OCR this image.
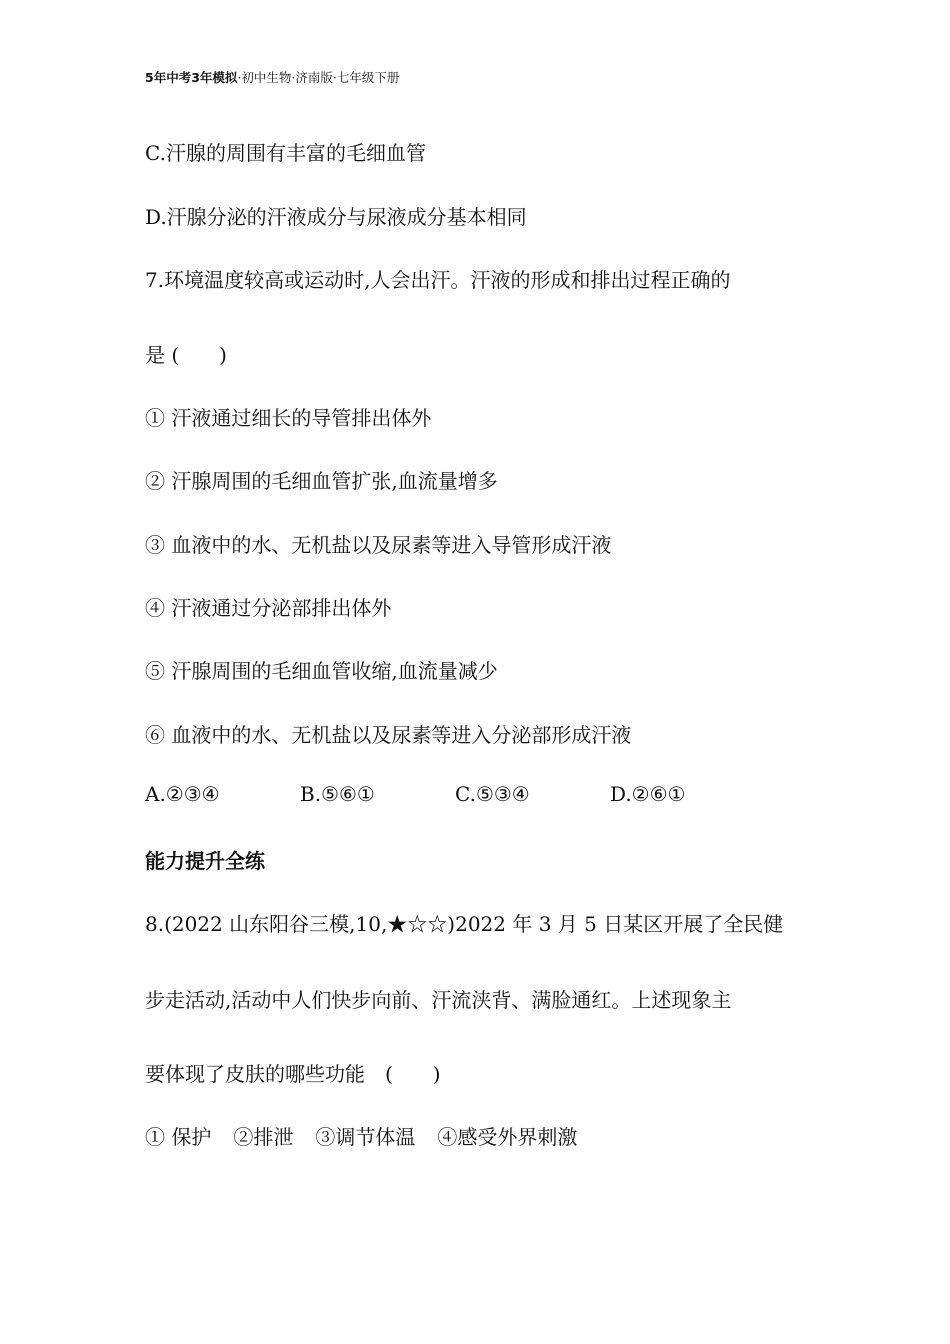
5年中考3年模拟·初中生物·济南版·七年级下册
C.汗腺的周围有丰富的毛细血管
D.汗腺分泌的汗液成分与尿液成分基本相同
7.环境温度较高或运动时,人会出汗。汗液的形成和排出过程正确的
是 (　　)
① 汗液通过细长的导管排出体外
② 汗腺周围的毛细血管扩张,血流量增多
③ 血液中的水、无机盐以及尿素等进入导管形成汗液
④ 汗液通过分泌部排出体外
⑤ 汗腺周围的毛细血管收缩,血流量减少
⑥ 血液中的水、无机盐以及尿素等进入分泌部形成汗液
A.②③④	B.⑤⑥①	C.⑤③④	D.②⑥①
能力提升全练
8.(2022 山东阳谷三模,10,★☆☆)2022 年 3 月 5 日某区开展了全民健
步走活动,活动中人们快步向前、汗流浃背、满脸通红。上述现象主
要体现了皮肤的哪些功能　(　　)
① 保护 ②排泄 ③调节体温 ④感受外界刺激
